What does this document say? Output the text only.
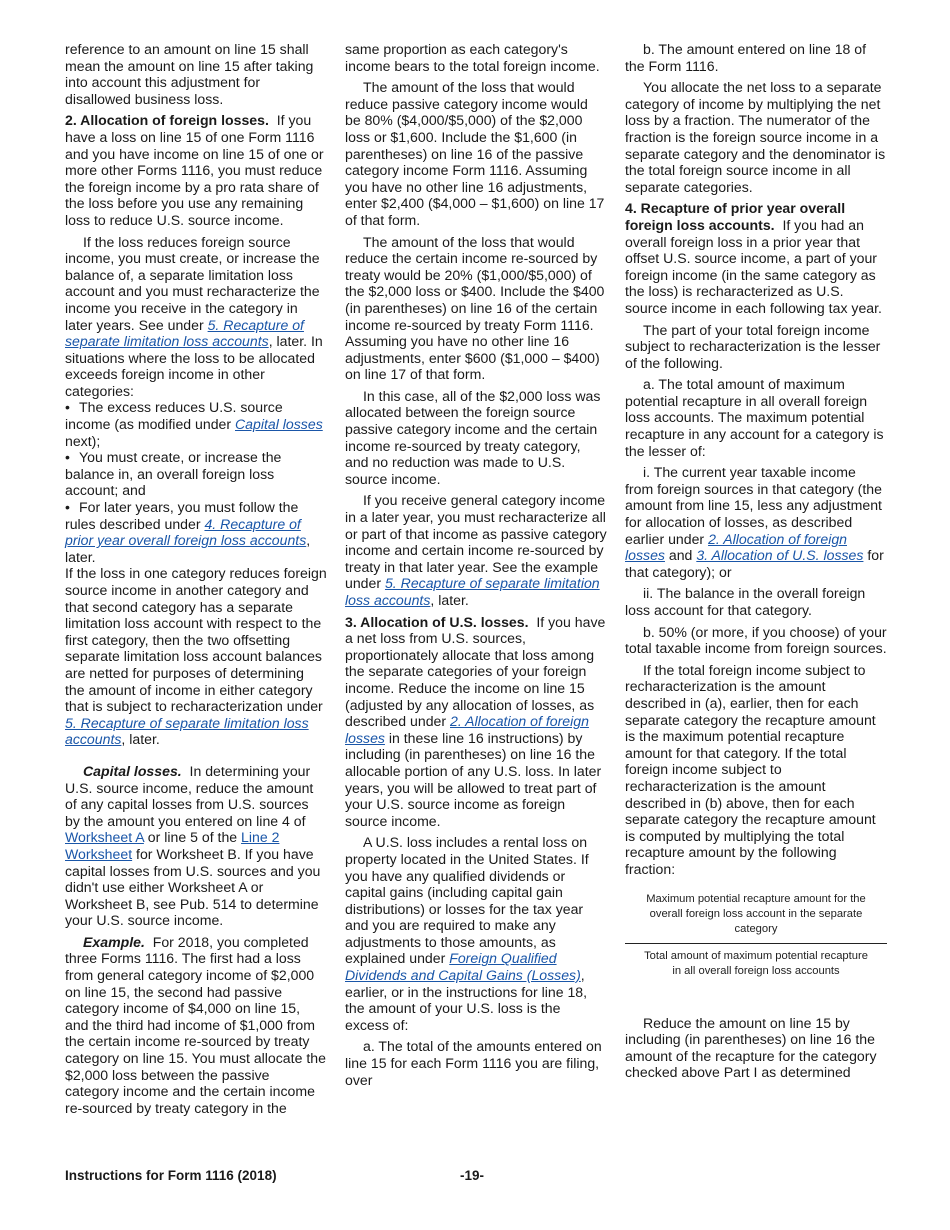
reference to an amount on line 15 shall mean the amount on line 15 after taking into account this adjustment for disallowed business loss.

2. Allocation of foreign losses. If you have a loss on line 15 of one Form 1116 and you have income on line 15 of one or more other Forms 1116, you must reduce the foreign income by a pro rata share of the loss before you use any remaining loss to reduce U.S. source income.

If the loss reduces foreign source income, you must create, or increase the balance of, a separate limitation loss account and you must recharacterize the income you receive in the category in later years. See under 5. Recapture of separate limitation loss accounts, later. In situations where the loss to be allocated exceeds foreign income in other categories:

• The excess reduces U.S. source income (as modified under Capital losses next);
• You must create, or increase the balance in, an overall foreign loss account; and
• For later years, you must follow the rules described under 4. Recapture of prior year overall foreign loss accounts, later.

If the loss in one category reduces foreign source income in another category and that second category has a separate limitation loss account with respect to the first category, then the two offsetting separate limitation loss account balances are netted for purposes of determining the amount of income in either category that is subject to recharacterization under 5. Recapture of separate limitation loss accounts, later.

Capital losses. In determining your U.S. source income, reduce the amount of any capital losses from U.S. sources by the amount you entered on line 4 of Worksheet A or line 5 of the Line 2 Worksheet for Worksheet B. If you have capital losses from U.S. sources and you didn't use either Worksheet A or Worksheet B, see Pub. 514 to determine your U.S. source income.

Example. For 2018, you completed three Forms 1116. The first had a loss from general category income of $2,000 on line 15, the second had passive category income of $4,000 on line 15, and the third had income of $1,000 from the certain income re-sourced by treaty category on line 15. You must allocate the $2,000 loss between the passive category income and the certain income re-sourced by treaty category in the

same proportion as each category's income bears to the total foreign income.

The amount of the loss that would reduce passive category income would be 80% ($4,000/$5,000) of the $2,000 loss or $1,600. Include the $1,600 (in parentheses) on line 16 of the passive category income Form 1116. Assuming you have no other line 16 adjustments, enter $2,400 ($4,000 – $1,600) on line 17 of that form.

The amount of the loss that would reduce the certain income re-sourced by treaty would be 20% ($1,000/$5,000) of the $2,000 loss or $400. Include the $400 (in parentheses) on line 16 of the certain income re-sourced by treaty Form 1116. Assuming you have no other line 16 adjustments, enter $600 ($1,000 – $400) on line 17 of that form.

In this case, all of the $2,000 loss was allocated between the foreign source passive category income and the certain income re-sourced by treaty category, and no reduction was made to U.S. source income.

If you receive general category income in a later year, you must recharacterize all or part of that income as passive category income and certain income re-sourced by treaty in that later year. See the example under 5. Recapture of separate limitation loss accounts, later.

3. Allocation of U.S. losses. If you have a net loss from U.S. sources, proportionately allocate that loss among the separate categories of your foreign income. Reduce the income on line 15 (adjusted by any allocation of losses, as described under 2. Allocation of foreign losses in these line 16 instructions) by including (in parentheses) on line 16 the allocable portion of any U.S. loss. In later years, you will be allowed to treat part of your U.S. source income as foreign source income.

A U.S. loss includes a rental loss on property located in the United States. If you have any qualified dividends or capital gains (including capital gain distributions) or losses for the tax year and you are required to make any adjustments to those amounts, as explained under Foreign Qualified Dividends and Capital Gains (Losses), earlier, or in the instructions for line 18, the amount of your U.S. loss is the excess of:

a. The total of the amounts entered on line 15 for each Form 1116 you are filing, over

b. The amount entered on line 18 of the Form 1116.

You allocate the net loss to a separate category of income by multiplying the net loss by a fraction. The numerator of the fraction is the foreign source income in a separate category and the denominator is the total foreign source income in all separate categories.

4. Recapture of prior year overall foreign loss accounts. If you had an overall foreign loss in a prior year that offset U.S. source income, a part of your foreign income (in the same category as the loss) is recharacterized as U.S. source income in each following tax year.

The part of your total foreign income subject to recharacterization is the lesser of the following.

a. The total amount of maximum potential recapture in all overall foreign loss accounts. The maximum potential recapture in any account for a category is the lesser of:

i. The current year taxable income from foreign sources in that category (the amount from line 15, less any adjustment for allocation of losses, as described earlier under 2. Allocation of foreign losses and 3. Allocation of U.S. losses for that category); or

ii. The balance in the overall foreign loss account for that category.

b. 50% (or more, if you choose) of your total taxable income from foreign sources.

If the total foreign income subject to recharacterization is the amount described in (a), earlier, then for each separate category the recapture amount is the maximum potential recapture amount for that category. If the total foreign income subject to recharacterization is the amount described in (b) above, then for each separate category the recapture amount is computed by multiplying the total recapture amount by the following fraction:

Maximum potential recapture amount for the overall foreign loss account in the separate category
Total amount of maximum potential recapture in all overall foreign loss accounts

Reduce the amount on line 15 by including (in parentheses) on line 16 the amount of the recapture for the category checked above Part I as determined

Instructions for Form 1116 (2018)	-19-
